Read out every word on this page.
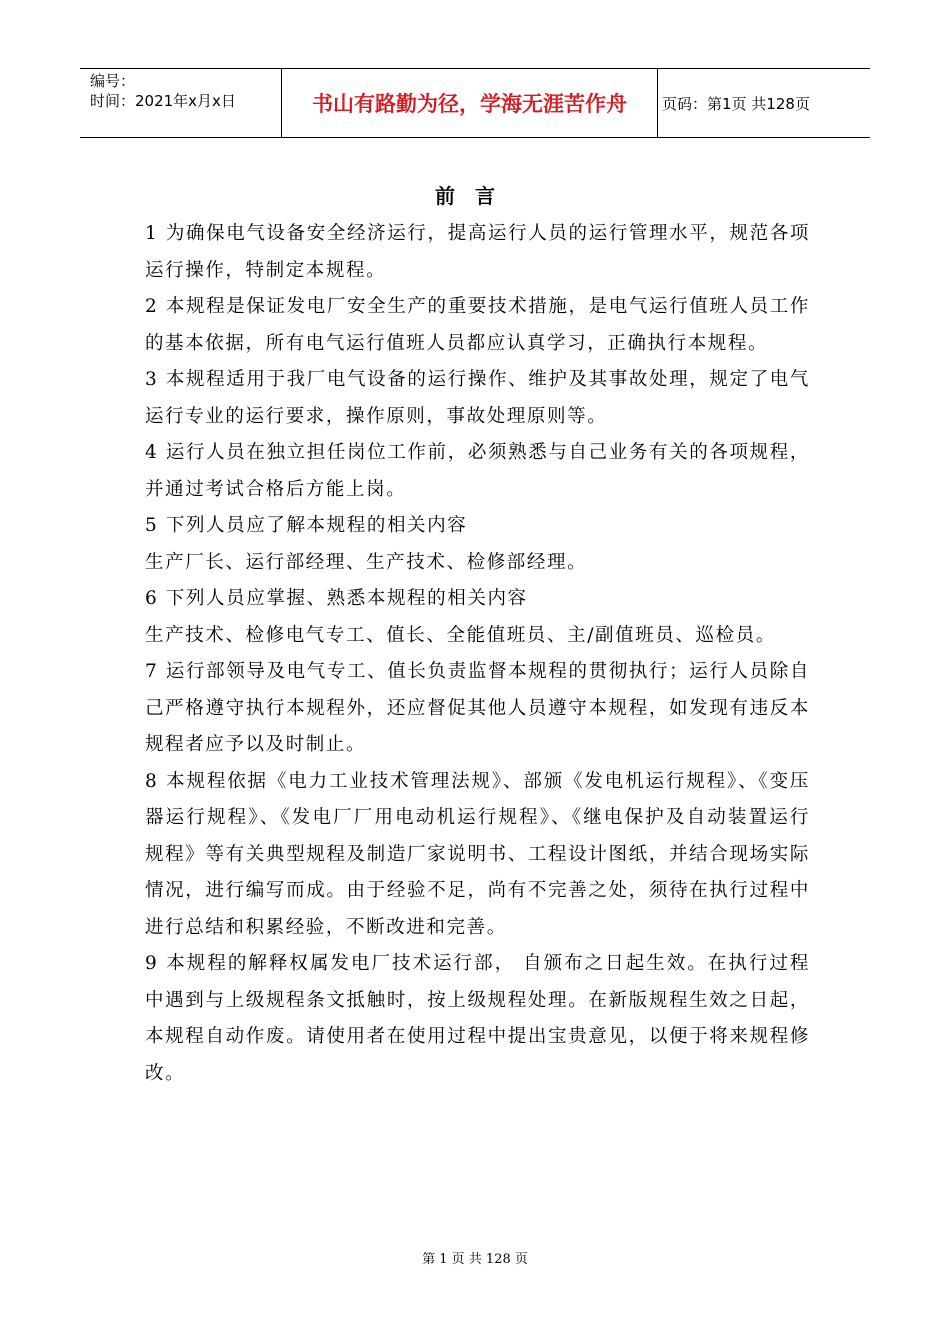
编号：
时间：2021年x月x日	书山有路勤为径，学海无涯苦作舟	页码：第1页 共128页
前言

1 为确保电气设备安全经济运行，提高运行人员的运行管理水平，规范各项运行操作，特制定本规程。

2 本规程是保证发电厂安全生产的重要技术措施，是电气运行值班人员工作的基本依据，所有电气运行值班人员都应认真学习，正确执行本规程。

3 本规程适用于我厂电气设备的运行操作、维护及其事故处理，规定了电气运行专业的运行要求，操作原则，事故处理原则等。

4 运行人员在独立担任岗位工作前，必须熟悉与自己业务有关的各项规程，并通过考试合格后方能上岗。

5 下列人员应了解本规程的相关内容

生产厂长、运行部经理、生产技术、检修部经理。

6 下列人员应掌握、熟悉本规程的相关内容

生产技术、检修电气专工、值长、全能值班员、主/副值班员、巡检员。

7 运行部领导及电气专工、值长负责监督本规程的贯彻执行；运行人员除自己严格遵守执行本规程外，还应督促其他人员遵守本规程，如发现有违反本规程者应予以及时制止。

8 本规程依据《电力工业技术管理法规》、部颁《发电机运行规程》、《变压器运行规程》、《发电厂厂用电动机运行规程》、《继电保护及自动装置运行规程》等有关典型规程及制造厂家说明书、工程设计图纸，并结合现场实际情况，进行编写而成。由于经验不足，尚有不完善之处，须待在执行过程中进行总结和积累经验，不断改进和完善。

9 本规程的解释权属发电厂技术运行部， 自颁布之日起生效。在执行过程中遇到与上级规程条文抵触时，按上级规程处理。在新版规程生效之日起，本规程自动作废。请使用者在使用过程中提出宝贵意见，以便于将来规程修改。

第 1 页 共 128 页
